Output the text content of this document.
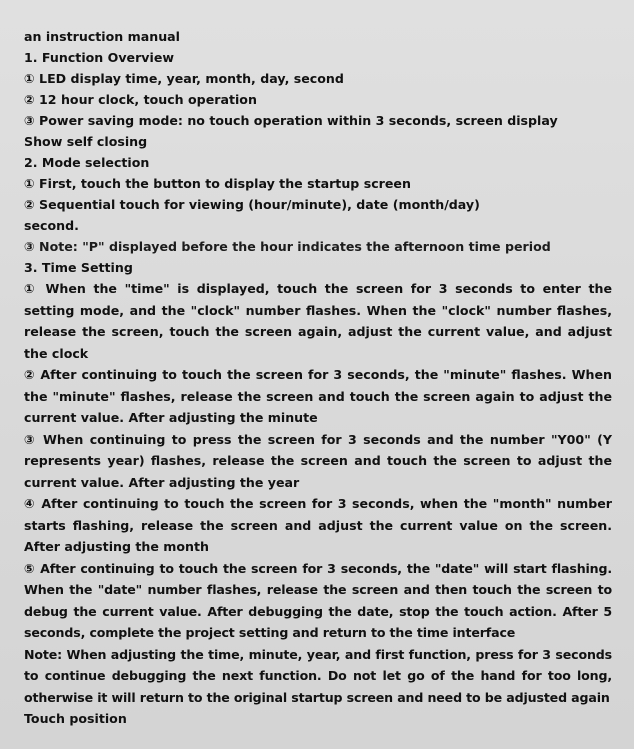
an instruction manual
1. Function Overview
① LED display time, year, month, day, second
② 12 hour clock, touch operation
③ Power saving mode: no touch operation within 3 seconds, screen display
Show self closing
2. Mode selection
① First, touch the button to display the startup screen
② Sequential touch for viewing (hour/minute), date (month/day)
second.
③ Note: "P" displayed before the hour indicates the afternoon time period
3. Time Setting

① When the "time" is displayed, touch the screen for 3 seconds to enter the setting mode, and the "clock" number flashes. When the "clock" number flashes, release the screen, touch the screen again, adjust the current value, and adjust the clock

② After continuing to touch the screen for 3 seconds, the "minute" flashes. When the "minute" flashes, release the screen and touch the screen again to adjust the current value. After adjusting the minute

③ When continuing to press the screen for 3 seconds and the number "Y00" (Y represents year) flashes, release the screen and touch the screen to adjust the current value. After adjusting the year

④ After continuing to touch the screen for 3 seconds, when the "month" number starts flashing, release the screen and adjust the current value on the screen. After adjusting the month

⑤ After continuing to touch the screen for 3 seconds, the "date" will start flashing. When the "date" number flashes, release the screen and then touch the screen to debug the current value. After debugging the date, stop the touch action. After 5 seconds, complete the project setting and return to the time interface

Note: When adjusting the time, minute, year, and first function, press for 3 seconds to continue debugging the next function. Do not let go of the hand for too long, otherwise it will return to the original startup screen and need to be adjusted again

Touch position
